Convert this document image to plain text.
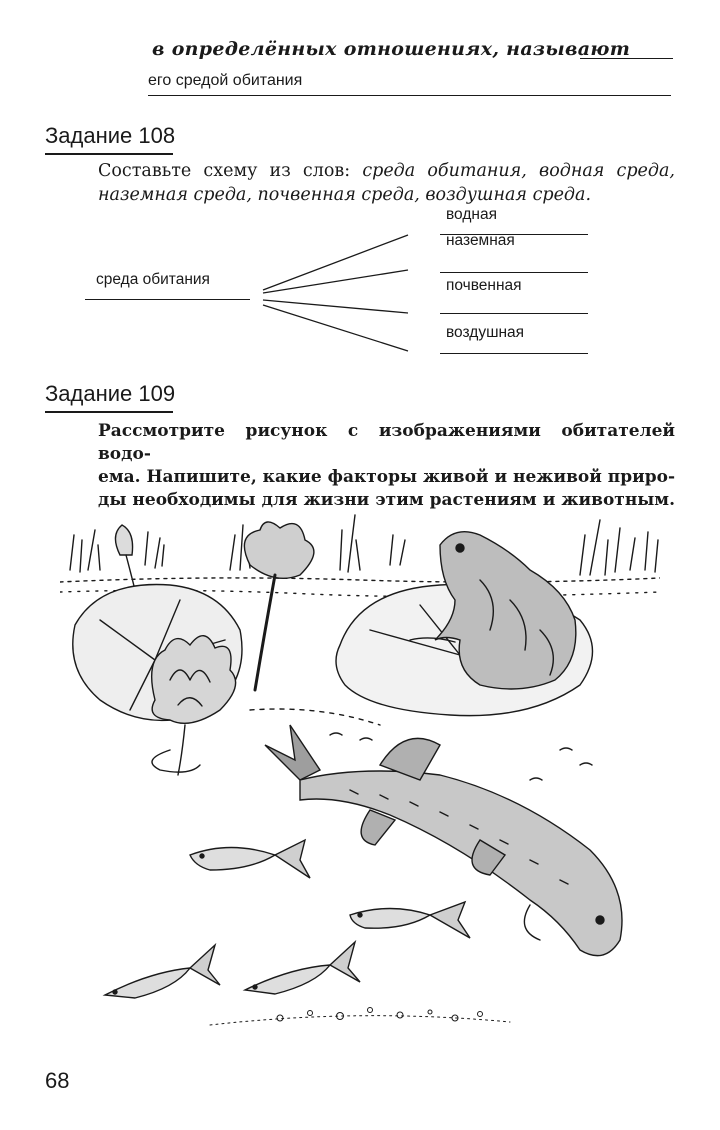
в определённых отношениях, называют
его средой обитания
Задание 108
Составьте схему из слов: среда обитания, водная среда,
наземная среда, почвенная среда, воздушная среда.
среда обитания
водная
наземная
почвенная
воздушная
Задание 109
Рассмотрите рисунок с изображениями обитателей водо-
ема. Напишите, какие факторы живой и неживой приро-
ды необходимы для жизни этим растениям и животным.
68
